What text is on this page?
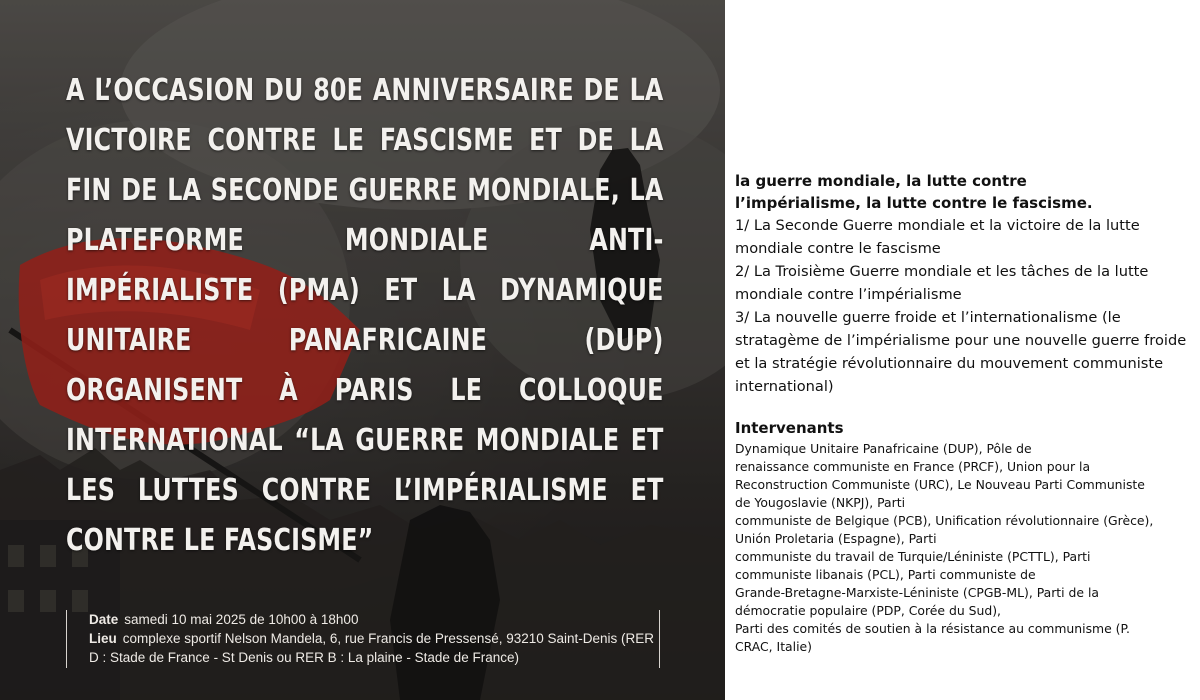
A L’OCCASION DU 80E ANNIVERSAIRE DE LA VICTOIRE CONTRE LE FASCISME ET DE LA FIN DE LA SECONDE GUERRE MONDIALE, LA PLATEFORME MONDIALE ANTI-IMPÉRIALISTE (PMA) ET LA DYNAMIQUE UNITAIRE PANAFRICAINE (DUP) ORGANISENT À PARIS LE COLLOQUE INTERNATIONAL “LA GUERRE MONDIALE ET LES LUTTES CONTRE L’IMPÉRIALISME ET CONTRE LE FASCISME”

Date samedi 10 mai 2025 de 10h00 à 18h00
Lieu complexe sportif Nelson Mandela, 6, rue Francis de Pressensé, 93210 Saint-Denis (RER D : Stade de France - St Denis ou RER B : La plaine - Stade de France)

la guerre mondiale, la lutte contre
l’impérialisme, la lutte contre le fascisme.

1/ La Seconde Guerre mondiale et la victoire de la lutte mondiale contre le fascisme
2/ La Troisième Guerre mondiale et les tâches de la lutte mondiale contre l’impérialisme
3/ La nouvelle guerre froide et l’internationalisme (le stratagème de l’impérialisme pour une nouvelle guerre froide et la stratégie révolutionnaire du mouvement communiste international)

Intervenants

Dynamique Unitaire Panafricaine (DUP), Pôle de
renaissance communiste en France (PRCF), Union pour la
Reconstruction Communiste (URC), Le Nouveau Parti Communiste
de Yougoslavie (NKPJ), Parti
communiste de Belgique (PCB), Unification révolutionnaire (Grèce),
Unión Proletaria (Espagne), Parti
communiste du travail de Turquie/Léniniste (PCTTL), Parti
communiste libanais (PCL), Parti communiste de
Grande-Bretagne-Marxiste-Léniniste (CPGB-ML), Parti de la
démocratie populaire (PDP, Corée du Sud),
Parti des comités de soutien à la résistance au communisme (P.
CRAC, Italie)
